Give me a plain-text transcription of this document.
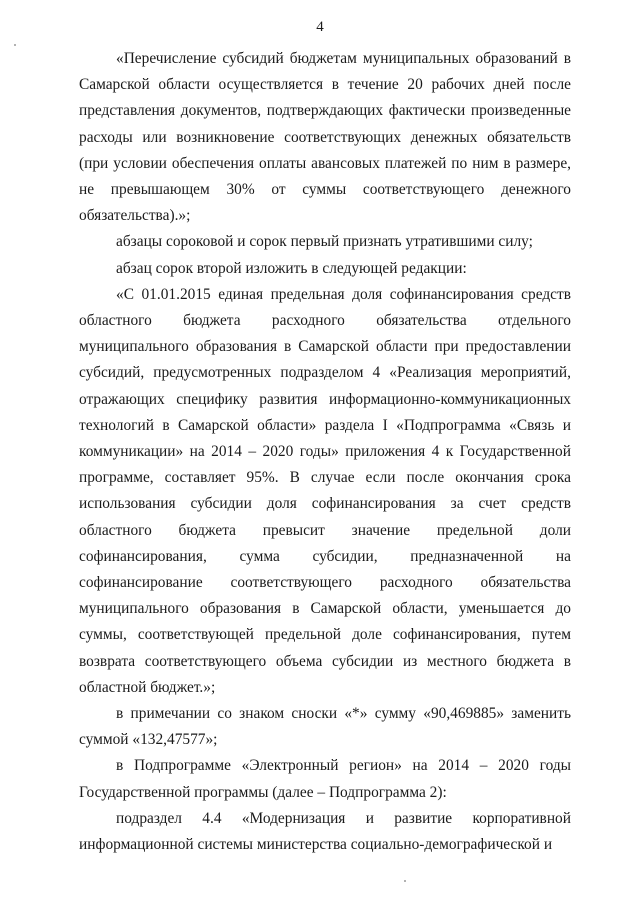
4

«Перечисление субсидий бюджетам муниципальных образований в Самарской области осуществляется в течение 20 рабочих дней после представления документов, подтверждающих фактически произведенные расходы или возникновение соответствующих денежных обязательств (при условии обеспечения оплаты авансовых платежей по ним в размере, не превышающем 30% от суммы соответствующего денежного обязательства).»;

абзацы сороковой и сорок первый признать утратившими силу;

абзац сорок второй изложить в следующей редакции:

«С 01.01.2015 единая предельная доля софинансирования средств областного бюджета расходного обязательства отдельного муниципального образования в Самарской области при предоставлении субсидий, предусмотренных подразделом 4 «Реализация мероприятий, отражающих специфику развития информационно-коммуникационных технологий в Самарской области» раздела I «Подпрограмма «Связь и коммуникации» на 2014 – 2020 годы» приложения 4 к Государственной программе, составляет 95%. В случае если после окончания срока использования субсидии доля софинансирования за счет средств областного бюджета превысит значение предельной доли софинансирования, сумма субсидии, предназначенной на софинансирование соответствующего расходного обязательства муниципального образования в Самарской области, уменьшается до суммы, соответствующей предельной доле софинансирования, путем возврата соответствующего объема субсидии из местного бюджета в областной бюджет.»;

в примечании со знаком сноски «*» сумму «90,469885» заменить суммой «132,47577»;

в Подпрограмме «Электронный регион» на 2014 – 2020 годы Государственной программы (далее – Подпрограмма 2):

подраздел 4.4 «Модернизация и развитие корпоративной информационной системы министерства социально-демографической и
